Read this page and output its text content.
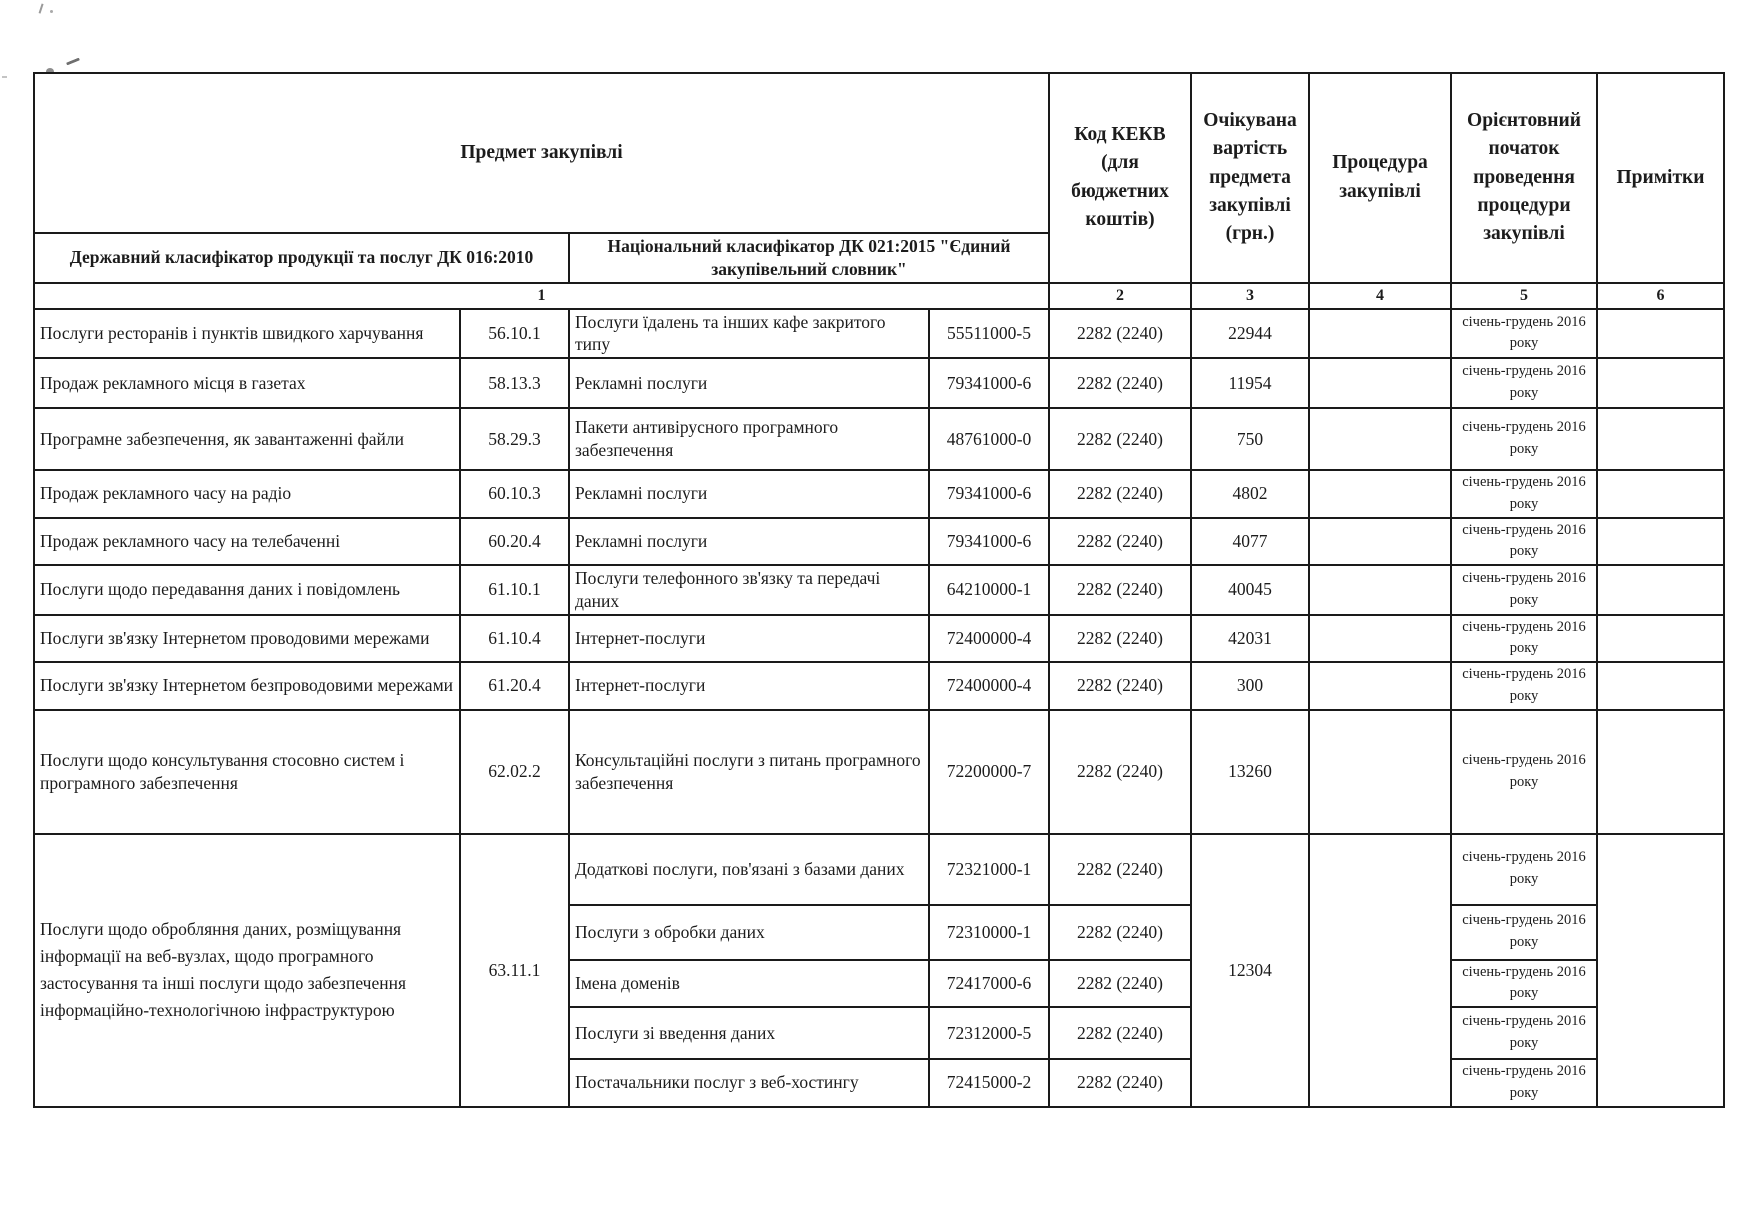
Предмет закупівлі				Код КЕКВ (для бюджетних коштів)	Очікувана вартість предмета закупівлі (грн.)	Процедура закупівлі	Орієнтовний початок проведення процедури закупівлі	Примітки
Державний класифікатор продукції та послуг ДК 016:2010		Національний класифікатор ДК 021:2015 "Єдиний закупівельний словник"						
1				2	3	4	5	6
Послуги ресторанів і пунктів швидкого харчування	56.10.1	Послуги їдалень та інших кафе закритого типу	55511000-5	2282 (2240)	22944		січень-грудень 2016 року	
Продаж рекламного місця в газетах	58.13.3	Рекламні послуги	79341000-6	2282 (2240)	11954		січень-грудень 2016 року	
Програмне забезпечення, як завантаженні файли	58.29.3	Пакети антивірусного програмного забезпечення	48761000-0	2282 (2240)	750		січень-грудень 2016 року	
Продаж рекламного часу на радіо	60.10.3	Рекламні послуги	79341000-6	2282 (2240)	4802		січень-грудень 2016 року	
Продаж рекламного часу на телебаченні	60.20.4	Рекламні послуги	79341000-6	2282 (2240)	4077		січень-грудень 2016 року	
Послуги щодо передавання даних і повідомлень	61.10.1	Послуги телефонного зв'язку та передачі даних	64210000-1	2282 (2240)	40045		січень-грудень 2016 року	
Послуги зв'язку Інтернетом проводовими мережами	61.10.4	Інтернет-послуги	72400000-4	2282 (2240)	42031		січень-грудень 2016 року	
Послуги зв'язку Інтернетом безпроводовими мережами	61.20.4	Інтернет-послуги	72400000-4	2282 (2240)	300		січень-грудень 2016 року	
Послуги щодо консультування стосовно систем і програмного забезпечення	62.02.2	Консультаційні послуги з питань програмного забезпечення	72200000-7	2282 (2240)	13260		січень-грудень 2016 року	
Послуги щодо обробляння даних, розміщування інформації на веб-вузлах, щодо програмного застосування та інші послуги щодо забезпечення інформаційно-технологічною інфраструктурою	63.11.1	Додаткові послуги, пов'язані з базами даних	72321000-1	2282 (2240)	12304		січень-грудень 2016 року	
		Послуги з обробки даних	72310000-1	2282 (2240)			січень-грудень 2016 року	
		Імена доменів	72417000-6	2282 (2240)			січень-грудень 2016 року	
		Послуги зі введення даних	72312000-5	2282 (2240)			січень-грудень 2016 року	
		Постачальники послуг з веб-хостингу	72415000-2	2282 (2240)			січень-грудень 2016 року	
